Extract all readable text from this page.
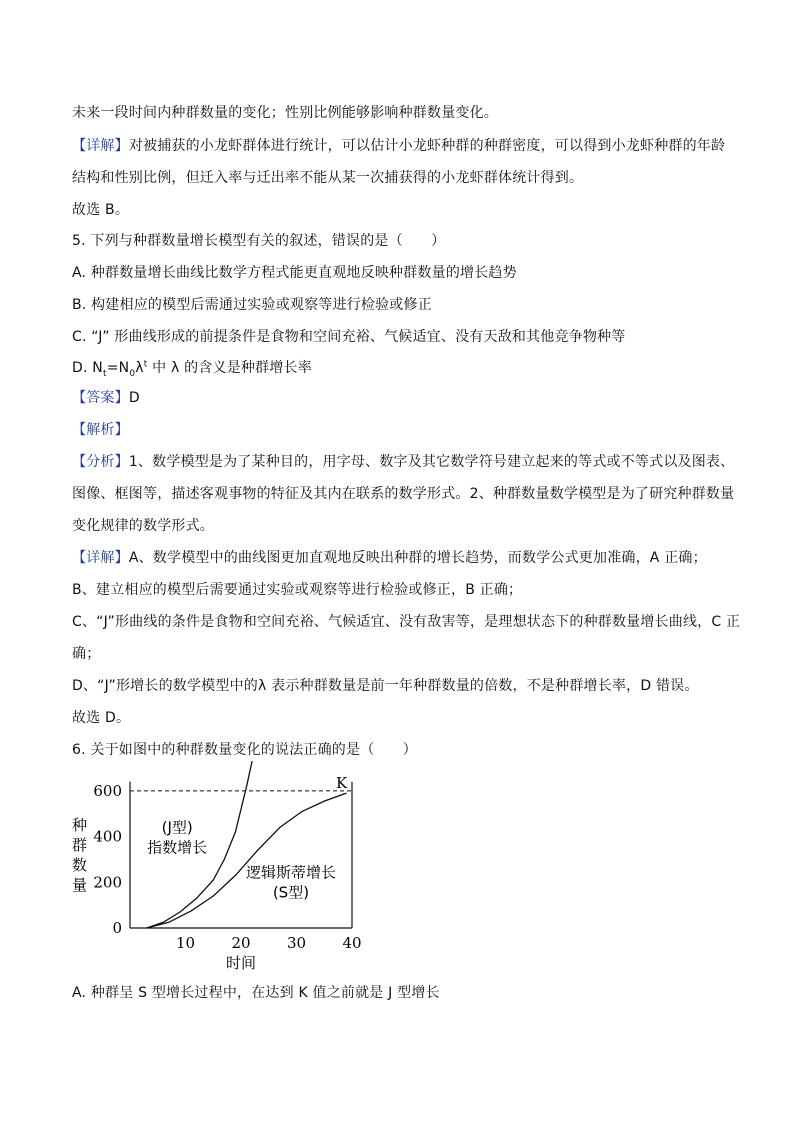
未来一段时间内种群数量的变化；性别比例能够影响种群数量变化。
【详解】对被捕获的小龙虾群体进行统计，可以估计小龙虾种群的种群密度，可以得到小龙虾种群的年龄
结构和性别比例，但迁入率与迁出率不能从某一次捕获得的小龙虾群体统计得到。
故选 B。
5. 下列与种群数量增长模型有关的叙述，错误的是（　　）
A. 种群数量增长曲线比数学方程式能更直观地反映种群数量的增长趋势
B. 构建相应的模型后需通过实验或观察等进行检验或修正
C. “J” 形曲线形成的前提条件是食物和空间充裕、气候适宜、没有天敌和其他竞争物种等
D. $N_t=N_0\lambda^t$ 中 λ 的含义是种群增长率
【答案】D
【解析】
【分析】1、数学模型是为了某种目的，用字母、数字及其它数学符号建立起来的等式或不等式以及图表、
图像、框图等，描述客观事物的特征及其内在联系的数学形式。2、种群数量数学模型是为了研究种群数量
变化规律的数学形式。
【详解】A、数学模型中的曲线图更加直观地反映出种群的增长趋势，而数学公式更加准确，A 正确；
B、建立相应的模型后需要通过实验或观察等进行检验或修正，B 正确；
C、“J”形曲线的条件是食物和空间充裕、气候适宜、没有敌害等，是理想状态下的种群数量增长曲线，C 正
确；
D、“J”形增长的数学模型中的λ 表示种群数量是前一年种群数量的倍数，不是种群增长率，D 错误。
故选 D。
6. 关于如图中的种群数量变化的说法正确的是（　　）
K
0
200
400
600
10 20 30 40
时间
种
群
数
量
(J型)
指数增长
逻辑斯蒂增长
(S型)
A. 种群呈 S 型增长过程中，在达到 K 值之前就是 J 型增长
